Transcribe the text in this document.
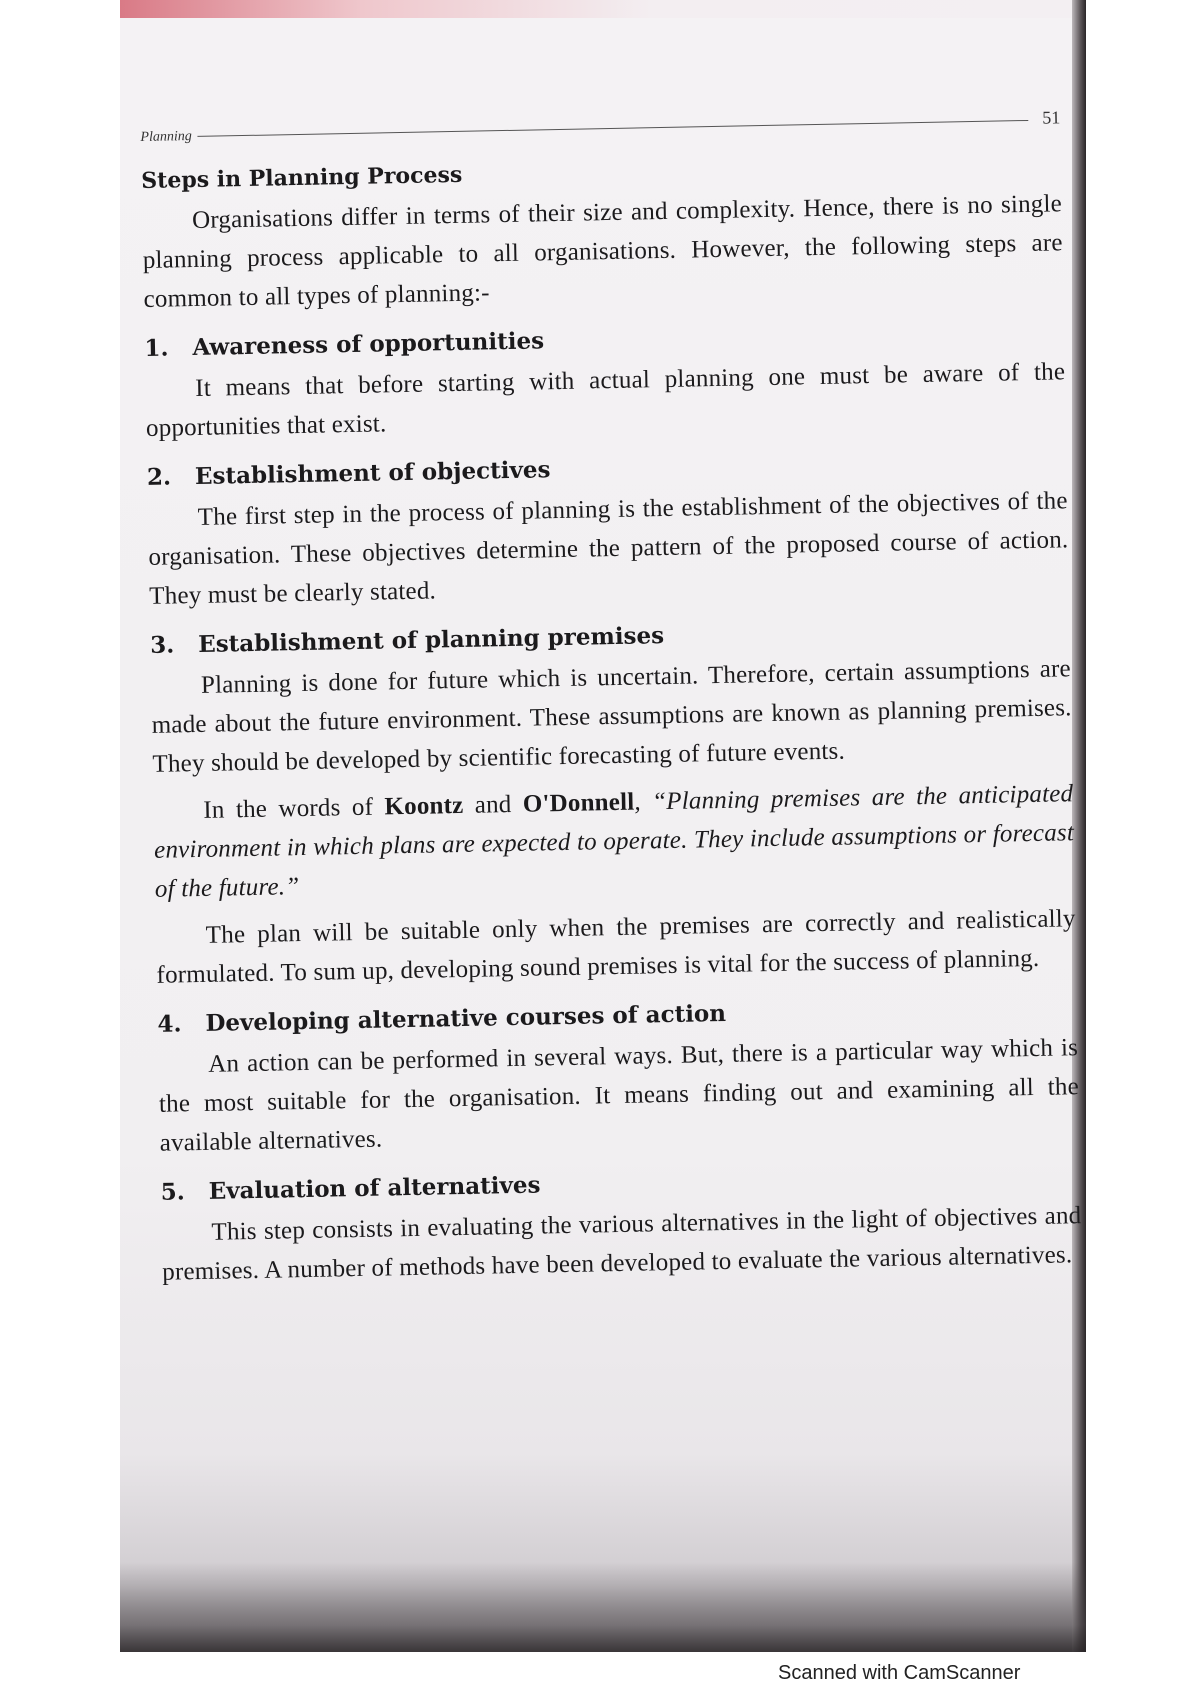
Planning
51
Steps in Planning Process

Organisations differ in terms of their size and complexity. Hence, there is no single planning process applicable to all organisations. However, the following steps are common to all types of planning:-

1.	Awareness of opportunities

It means that before starting with actual planning one must be aware of the opportunities that exist.

2.	Establishment of objectives

The first step in the process of planning is the establishment of the objectives of the organisation. These objectives determine the pattern of the proposed course of action. They must be clearly stated.

3.	Establishment of planning premises

Planning is done for future which is uncertain. Therefore, certain assumptions are made about the future environment. These assumptions are known as planning premises. They should be developed by scientific forecasting of future events.

In the words of Koontz and O'Donnell, “Planning premises are the anticipated environment in which plans are expected to operate. They include assumptions or forecast of the future.”

The plan will be suitable only when the premises are correctly and realistically formulated. To sum up, developing sound premises is vital for the success of planning.

4.	Developing alternative courses of action

An action can be performed in several ways. But, there is a particular way which is the most suitable for the organisation. It means finding out and examining all the available alternatives.

5.	Evaluation of alternatives

This step consists in evaluating the various alternatives in the light of objectives and premises. A number of methods have been developed to evaluate the various alternatives.

Scanned with CamScanner
